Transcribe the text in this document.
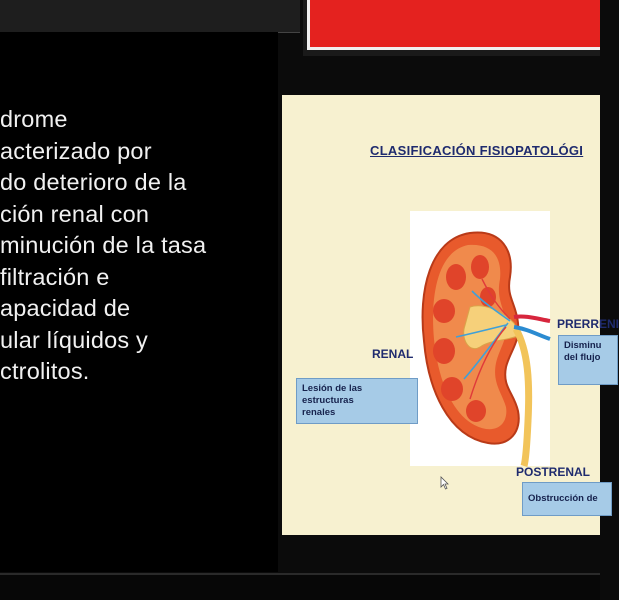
drome
acterizado por
do deterioro de la
ción renal con
minución de la tasa
filtración e
apacidad de
ular líquidos y
ctrolitos.
CLASIFICACIÓN FISIOPATOLÓGI
RENAL
PRERRENI
POSTRENAL
Lesión de las estructuras
renales
Disminu
del flujo
Obstrucción de
